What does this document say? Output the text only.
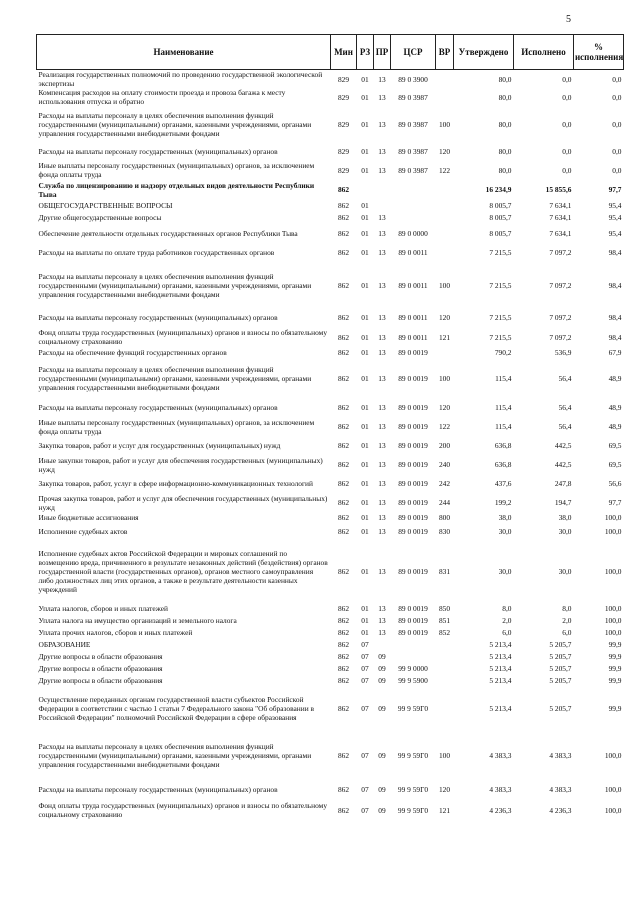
5
Наименование	Мин	РЗ	ПР	ЦСР	ВР	Утверждено	Исполнено	% исполнения
Реализация государственных полномочий по проведению государственной экологической экспертизы	829	01	13	89 0 3900		80,0	0,0	0,0
Компенсация расходов на оплату стоимости проезда и провоза багажа к месту использования отпуска и обратно	829	01	13	89 0 3987		80,0	0,0	0,0
Расходы на выплаты персоналу в целях обеспечения выполнения функций государственными (муниципальными) органами, казенными учреждениями, органами управления государственными внебюджетными фондами	829	01	13	89 0 3987	100	80,0	0,0	0,0
Расходы на выплаты персоналу государственных (муниципальных) органов	829	01	13	89 0 3987	120	80,0	0,0	0,0
Иные выплаты персоналу государственных (муниципальных) органов, за исключением фонда оплаты труда	829	01	13	89 0 3987	122	80,0	0,0	0,0
Служба по лицензированию и надзору отдельных видов деятельности Республики Тыва	862					16 234,9	15 855,6	97,7
ОБЩЕГОСУДАРСТВЕННЫЕ ВОПРОСЫ	862	01				8 005,7	7 634,1	95,4
Другие общегосударственные вопросы	862	01	13			8 005,7	7 634,1	95,4
Обеспечение деятельности отдельных государственных органов Республики Тыва	862	01	13	89 0 0000		8 005,7	7 634,1	95,4
Расходы на выплаты по оплате труда работников государственных органов	862	01	13	89 0 0011		7 215,5	7 097,2	98,4
Расходы на выплаты персоналу в целях обеспечения выполнения функций государственными (муниципальными) органами, казенными учреждениями, органами управления государственными внебюджетными фондами	862	01	13	89 0 0011	100	7 215,5	7 097,2	98,4
Расходы на выплаты персоналу государственных (муниципальных) органов	862	01	13	89 0 0011	120	7 215,5	7 097,2	98,4
Фонд оплаты труда государственных (муниципальных) органов и взносы по обязательному социальному страхованию	862	01	13	89 0 0011	121	7 215,5	7 097,2	98,4
Расходы на обеспечение функций государственных органов	862	01	13	89 0 0019		790,2	536,9	67,9
Расходы на выплаты персоналу в целях обеспечения выполнения функций государственными (муниципальными) органами, казенными учреждениями, органами управления государственными внебюджетными фондами	862	01	13	89 0 0019	100	115,4	56,4	48,9
Расходы на выплаты персоналу государственных (муниципальных) органов	862	01	13	89 0 0019	120	115,4	56,4	48,9
Иные выплаты персоналу государственных (муниципальных) органов, за исключением фонда оплаты труда	862	01	13	89 0 0019	122	115,4	56,4	48,9
Закупка товаров, работ и услуг для государственных (муниципальных) нужд	862	01	13	89 0 0019	200	636,8	442,5	69,5
Иные закупки товаров, работ и услуг для обеспечения государственных (муниципальных) нужд	862	01	13	89 0 0019	240	636,8	442,5	69,5
Закупка товаров, работ, услуг в сфере информационно-коммуникационных технологий	862	01	13	89 0 0019	242	437,6	247,8	56,6
Прочая закупка товаров, работ и услуг для обеспечения государственных (муниципальных) нужд	862	01	13	89 0 0019	244	199,2	194,7	97,7
Иные бюджетные ассигнования	862	01	13	89 0 0019	800	38,0	38,0	100,0
Исполнение судебных актов	862	01	13	89 0 0019	830	30,0	30,0	100,0
Исполнение судебных актов Российской Федерации и мировых соглашений по возмещению вреда, причиненного в результате незаконных действий (бездействия) органов государственной власти (государственных органов), органов местного самоуправления либо должностных лиц этих органов, а также в результате деятельности казенных учреждений	862	01	13	89 0 0019	831	30,0	30,0	100,0
Уплата налогов, сборов и иных платежей	862	01	13	89 0 0019	850	8,0	8,0	100,0
Уплата налога на имущество организаций и земельного налога	862	01	13	89 0 0019	851	2,0	2,0	100,0
Уплата прочих налогов, сборов и иных платежей	862	01	13	89 0 0019	852	6,0	6,0	100,0
ОБРАЗОВАНИЕ	862	07				5 213,4	5 205,7	99,9
Другие вопросы в области образования	862	07	09			5 213,4	5 205,7	99,9
Другие вопросы в области образования	862	07	09	99 9 0000		5 213,4	5 205,7	99,9
Другие вопросы в области образования	862	07	09	99 9 5900		5 213,4	5 205,7	99,9
Осуществление переданных органам государственной власти субъектов Российской Федерации в соответствии с частью 1 статьи 7 Федерального закона "Об образовании в Российской Федерации" полномочий Российской Федерации в сфере образования	862	07	09	99 9 59Г0		5 213,4	5 205,7	99,9
Расходы на выплаты персоналу в целях обеспечения выполнения функций государственными (муниципальными) органами, казенными учреждениями, органами управления государственными внебюджетными фондами	862	07	09	99 9 59Г0	100	4 383,3	4 383,3	100,0
Расходы на выплаты персоналу государственных (муниципальных) органов	862	07	09	99 9 59Г0	120	4 383,3	4 383,3	100,0
Фонд оплаты труда государственных (муниципальных) органов и взносы по обязательному социальному страхованию	862	07	09	99 9 59Г0	121	4 236,3	4 236,3	100,0
